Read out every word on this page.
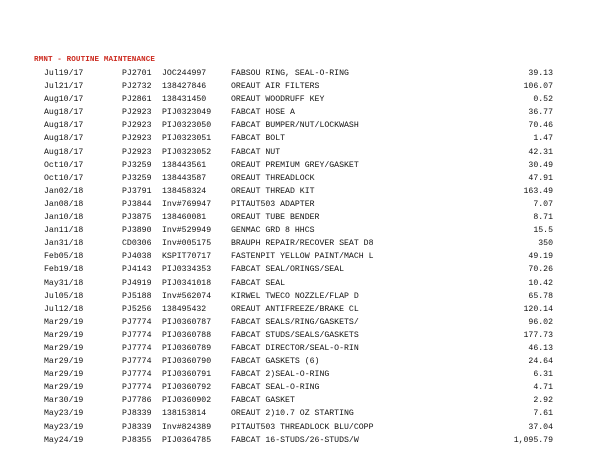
RMNT - ROUTINE MAINTENANCE
Jul19/17	PJ2701 JOC244997	FABSOU RING, SEAL-O-RING	39.13
Jul21/17	PJ2732 138427846	OREAUT AIR FILTERS	106.07
Aug10/17	PJ2861 138431450	OREAUT WOODRUFF KEY	0.52
Aug18/17	PJ2923 PIJ0323049 FABCAT HOSE A	36.77
Aug18/17	PJ2923 PIJ0323050 FABCAT BUMPER/NUT/LOCKWASH	70.46
Aug18/17	PJ2923 PIJ0323051 FABCAT BOLT	1.47
Aug18/17	PJ2923 PIJ0323052 FABCAT NUT	42.31
Oct10/17	PJ3259 138443561	OREAUT PREMIUM GREY/GASKET	30.49
Oct10/17	PJ3259 138443587	OREAUT THREADLOCK	47.91
Jan02/18	PJ3791 138458324	OREAUT THREAD KIT	163.49
Jan08/18	PJ3844 Inv#769947 PITAUT503 ADAPTER	7.07
Jan10/18	PJ3875 138460081	OREAUT TUBE BENDER	8.71
Jan11/18	PJ3890 Inv#529949 GENMAC GRD 8 HHCS	15.5
Jan31/18	CD0306 Inv#005175 BRAUPH REPAIR/RECOVER SEAT D8	350
Feb05/18	PJ4038 KSPIT70717 FASTENPIT YELLOW PAINT/MACH L	49.19
Feb19/18	PJ4143 PIJ0334353 FABCAT SEAL/ORINGS/SEAL	70.26
May31/18	PJ4919 PIJ0341018 FABCAT SEAL	10.42
Jul05/18	PJ5188 Inv#562074 KIRWEL TWECO NOZZLE/FLAP D	65.78
Jul12/18	PJ5256 138495432	OREAUT ANTIFREEZE/BRAKE CL	120.14
Mar29/19	PJ7774 PIJ0360787 FABCAT SEALS/RING/GASKETS/	96.02
Mar29/19	PJ7774 PIJ0360788 FABCAT STUDS/SEALS/GASKETS	177.73
Mar29/19	PJ7774 PIJ0360789 FABCAT DIRECTOR/SEAL-O-RIN	46.13
Mar29/19	PJ7774 PIJ0360790 FABCAT GASKETS (6)	24.64
Mar29/19	PJ7774 PIJ0360791 FABCAT 2)SEAL-O-RING	6.31
Mar29/19	PJ7774 PIJ0360792 FABCAT SEAL-O-RING	4.71
Mar30/19	PJ7786 PIJ0360902 FABCAT GASKET	2.92
May23/19	PJ8339 138153814	OREAUT 2)10.7 OZ STARTING	7.61
May23/19	PJ8339 Inv#824389 PITAUT503 THREADLOCK BLU/COPP	37.04
May24/19	PJ8355 PIJ0364785 FABCAT 16-STUDS/26-STUDS/W	1,095.79
